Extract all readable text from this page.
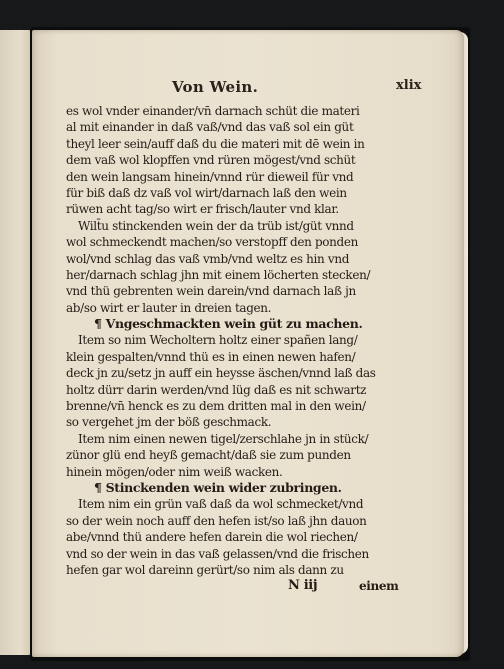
Von Wein.	xlix
es wol vnder einander/vn̄ darnach schüt die materi
al mit einander in daß vaß/vnd das vaß sol ein güt
theyl leer sein/auff daß du die materi mit dē wein in
dem vaß wol klopffen vnd rüren mögest/vnd schüt
den wein langsam hinein/vnnd rür dieweil für vnd
für biß daß dz vaß vol wirt/darnach laß den wein
rüwen acht tag/so wirt er frisch/lauter vnd klar.
Wilt̄u stinckenden wein der da trüb ist/güt vnnd
wol schmeckendt machen/so verstopff den ponden
wol/vnd schlag das vaß vmb/vnd weltz es hin vnd
her/darnach schlag jhn mit einem löcherten stecken/
vnd thü gebrenten wein darein/vnd darnach laß jn
ab/so wirt er lauter in dreien tagen.
¶ Vngeschmackten wein güt zu machen.
Item so nim Wecholtern holtz einer spañen lang/
klein gespalten/vnnd thü es in einen newen hafen/
deck jn zu/setz jn auff ein heysse äschen/vnnd laß das
holtz dürr darin werden/vnd lüg daß es nit schwartz
brenne/vn̄ henck es zu dem dritten mal in den wein/
so vergehet jm der böß geschmack.
Item nim einen newen tigel/zerschlahe jn in stück/
zünor glü end heyß gemacht/daß sie zum punden
hinein mögen/oder nim weiß wacken.
¶ Stinckenden wein wider zubringen.
Item nim ein grün vaß daß da wol schmecket/vnd
so der wein noch auff den hefen ist/so laß jhn dauon
abe/vnnd thü andere hefen darein die wol riechen/
vnd so der wein in das vaß gelassen/vnd die frischen
hefen gar wol dareinn gerürt/so nim als dann zu
N iij	einem
